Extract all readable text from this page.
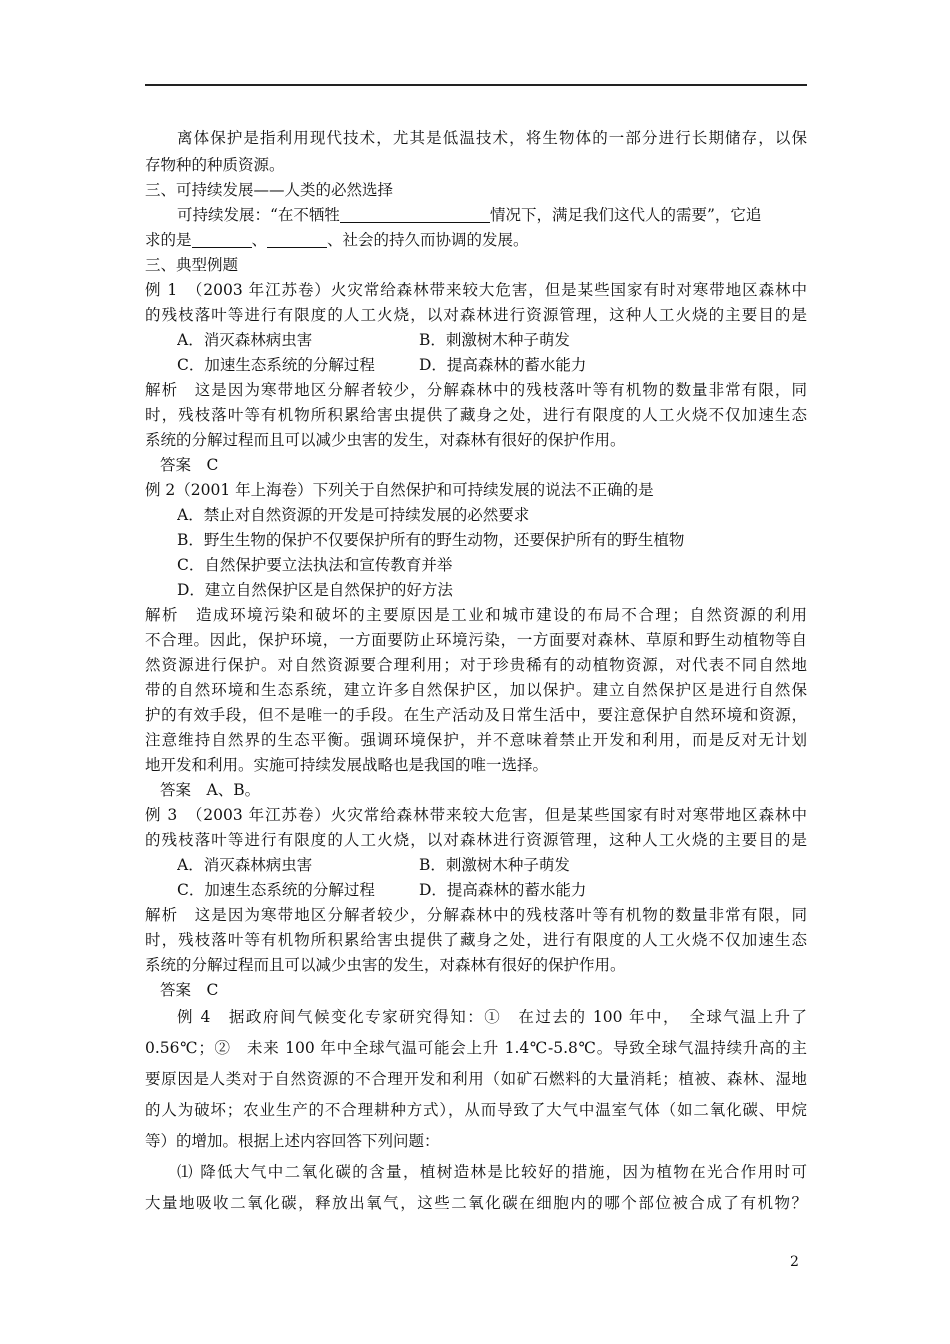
离体保护是指利用现代技术，尤其是低温技术，将生物体的一部分进行长期储存，以保
存物种的种质资源。
三、可持续发展——人类的必然选择
可持续发展：“在不牺牲	情况下，满足我们这代人的需要”，它追
求的是	、	、社会的持久而协调的发展。
三、典型例题
例 1　（2003 年江苏卷）火灾常给森林带来较大危害，但是某些国家有时对寒带地区森林中
的残枝落叶等进行有限度的人工火烧，以对森林进行资源管理，这种人工火烧的主要目的是
A．消灭森林病虫害	B．刺激树木种子萌发
C．加速生态系统的分解过程	D．提高森林的蓄水能力
解析　这是因为寒带地区分解者较少，分解森林中的残枝落叶等有机物的数量非常有限，同
时，残枝落叶等有机物所积累给害虫提供了藏身之处，进行有限度的人工火烧不仅加速生态
系统的分解过程而且可以减少虫害的发生，对森林有很好的保护作用。
答案　C
例 2（2001 年上海卷）下列关于自然保护和可持续发展的说法不正确的是
A．禁止对自然资源的开发是可持续发展的必然要求
B．野生生物的保护不仅要保护所有的野生动物，还要保护所有的野生植物
C．自然保护要立法执法和宣传教育并举
D．建立自然保护区是自然保护的好方法
解析　造成环境污染和破坏的主要原因是工业和城市建设的布局不合理；自然资源的利用
不合理。因此，保护环境，一方面要防止环境污染，一方面要对森林、草原和野生动植物等自
然资源进行保护。对自然资源要合理利用；对于珍贵稀有的动植物资源，对代表不同自然地
带的自然环境和生态系统，建立许多自然保护区，加以保护。建立自然保护区是进行自然保
护的有效手段，但不是唯一的手段。在生产活动及日常生活中，要注意保护自然环境和资源，
注意维持自然界的生态平衡。强调环境保护，并不意味着禁止开发和利用，而是反对无计划
地开发和利用。实施可持续发展战略也是我国的唯一选择。
答案　A、B。
例 3　（2003 年江苏卷）火灾常给森林带来较大危害，但是某些国家有时对寒带地区森林中
的残枝落叶等进行有限度的人工火烧，以对森林进行资源管理，这种人工火烧的主要目的是
A．消灭森林病虫害	B．刺激树木种子萌发
C．加速生态系统的分解过程	D．提高森林的蓄水能力
解析　这是因为寒带地区分解者较少，分解森林中的残枝落叶等有机物的数量非常有限，同
时，残枝落叶等有机物所积累给害虫提供了藏身之处，进行有限度的人工火烧不仅加速生态
系统的分解过程而且可以减少虫害的发生，对森林有很好的保护作用。
答案　C
例 4　据政府间气候变化专家研究得知：①　在过去的 100 年中，　全球气温上升了
0.56℃；②　未来 100 年中全球气温可能会上升 1.4℃-5.8℃。导致全球气温持续升高的主
要原因是人类对于自然资源的不合理开发和利用（如矿石燃料的大量消耗；植被、森林、湿地
的人为破坏；农业生产的不合理耕种方式），从而导致了大气中温室气体（如二氧化碳、甲烷
等）的增加。根据上述内容回答下列问题：
⑴ 降低大气中二氧化碳的含量，植树造林是比较好的措施，因为植物在光合作用时可
大量地吸收二氧化碳，释放出氧气，这些二氧化碳在细胞内的哪个部位被合成了有机物？
2
